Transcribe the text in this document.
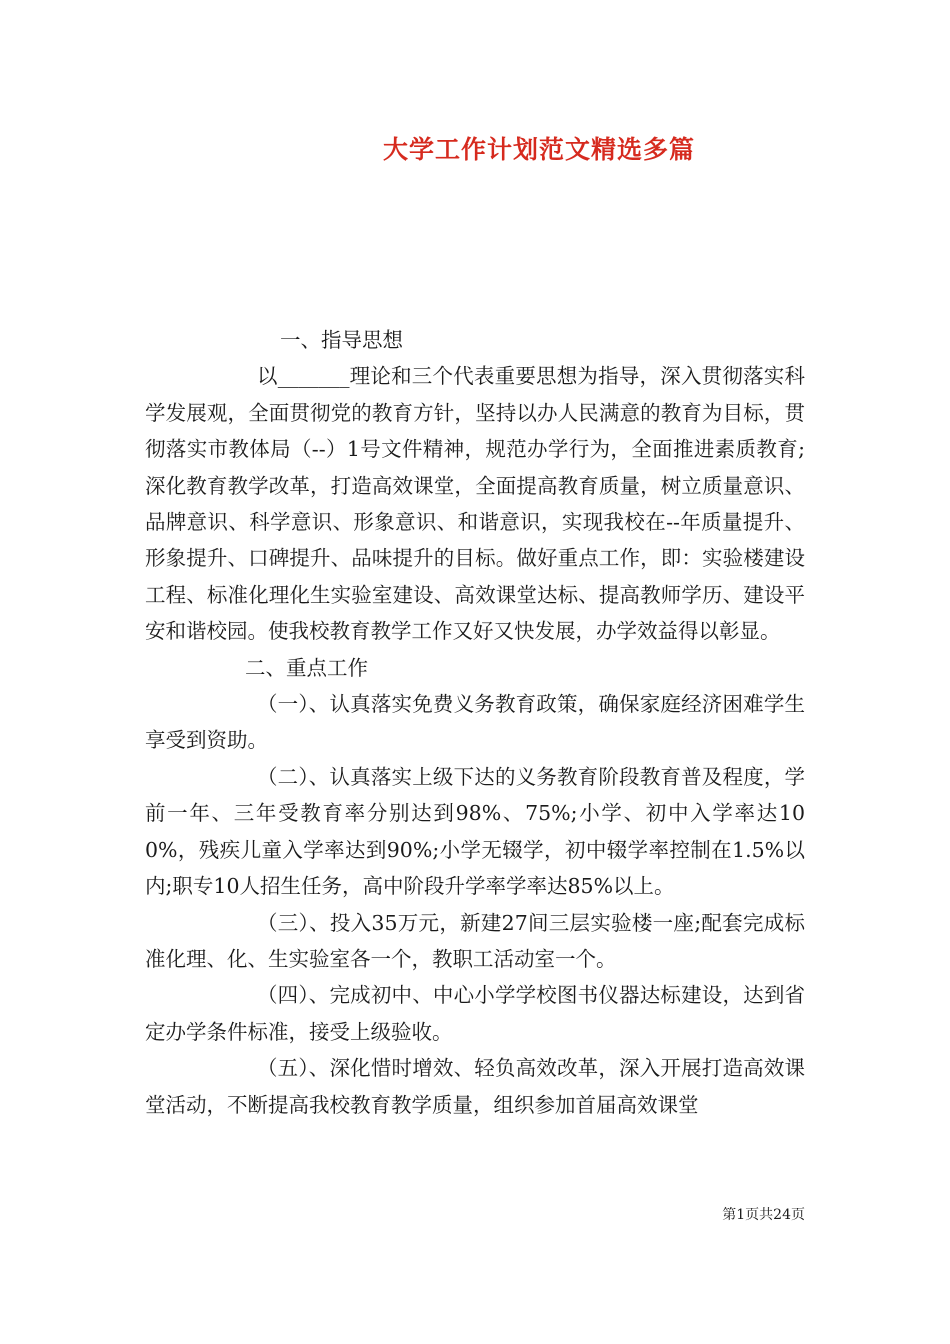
大学工作计划范文精选多篇

一、指导思想

以_______理论和三个代表重要思想为指导，深入贯彻落实科学发展观，全面贯彻党的教育方针，坚持以办人民满意的教育为目标，贯彻落实市教体局（--）1号文件精神，规范办学行为，全面推进素质教育;深化教育教学改革，打造高效课堂，全面提高教育质量，树立质量意识、品牌意识、科学意识、形象意识、和谐意识，实现我校在--年质量提升、形象提升、口碑提升、品味提升的目标。做好重点工作，即：实验楼建设工程、标准化理化生实验室建设、高效课堂达标、提高教师学历、建设平安和谐校园。使我校教育教学工作又好又快发展，办学效益得以彰显。

二、重点工作

（一）、认真落实免费义务教育政策，确保家庭经济困难学生享受到资助。

（二）、认真落实上级下达的义务教育阶段教育普及程度，学前一年、三年受教育率分别达到98%、75%;小学、初中入学率达100%，残疾儿童入学率达到90%;小学无辍学，初中辍学率控制在1.5%以内;职专10人招生任务，高中阶段升学率学率达85%以上。

（三）、投入35万元，新建27间三层实验楼一座;配套完成标准化理、化、生实验室各一个，教职工活动室一个。

（四）、完成初中、中心小学学校图书仪器达标建设，达到省定办学条件标准，接受上级验收。

（五）、深化惜时增效、轻负高效改革，深入开展打造高效课堂活动，不断提高我校教育教学质量，组织参加首届高效课堂

第1页共24页
